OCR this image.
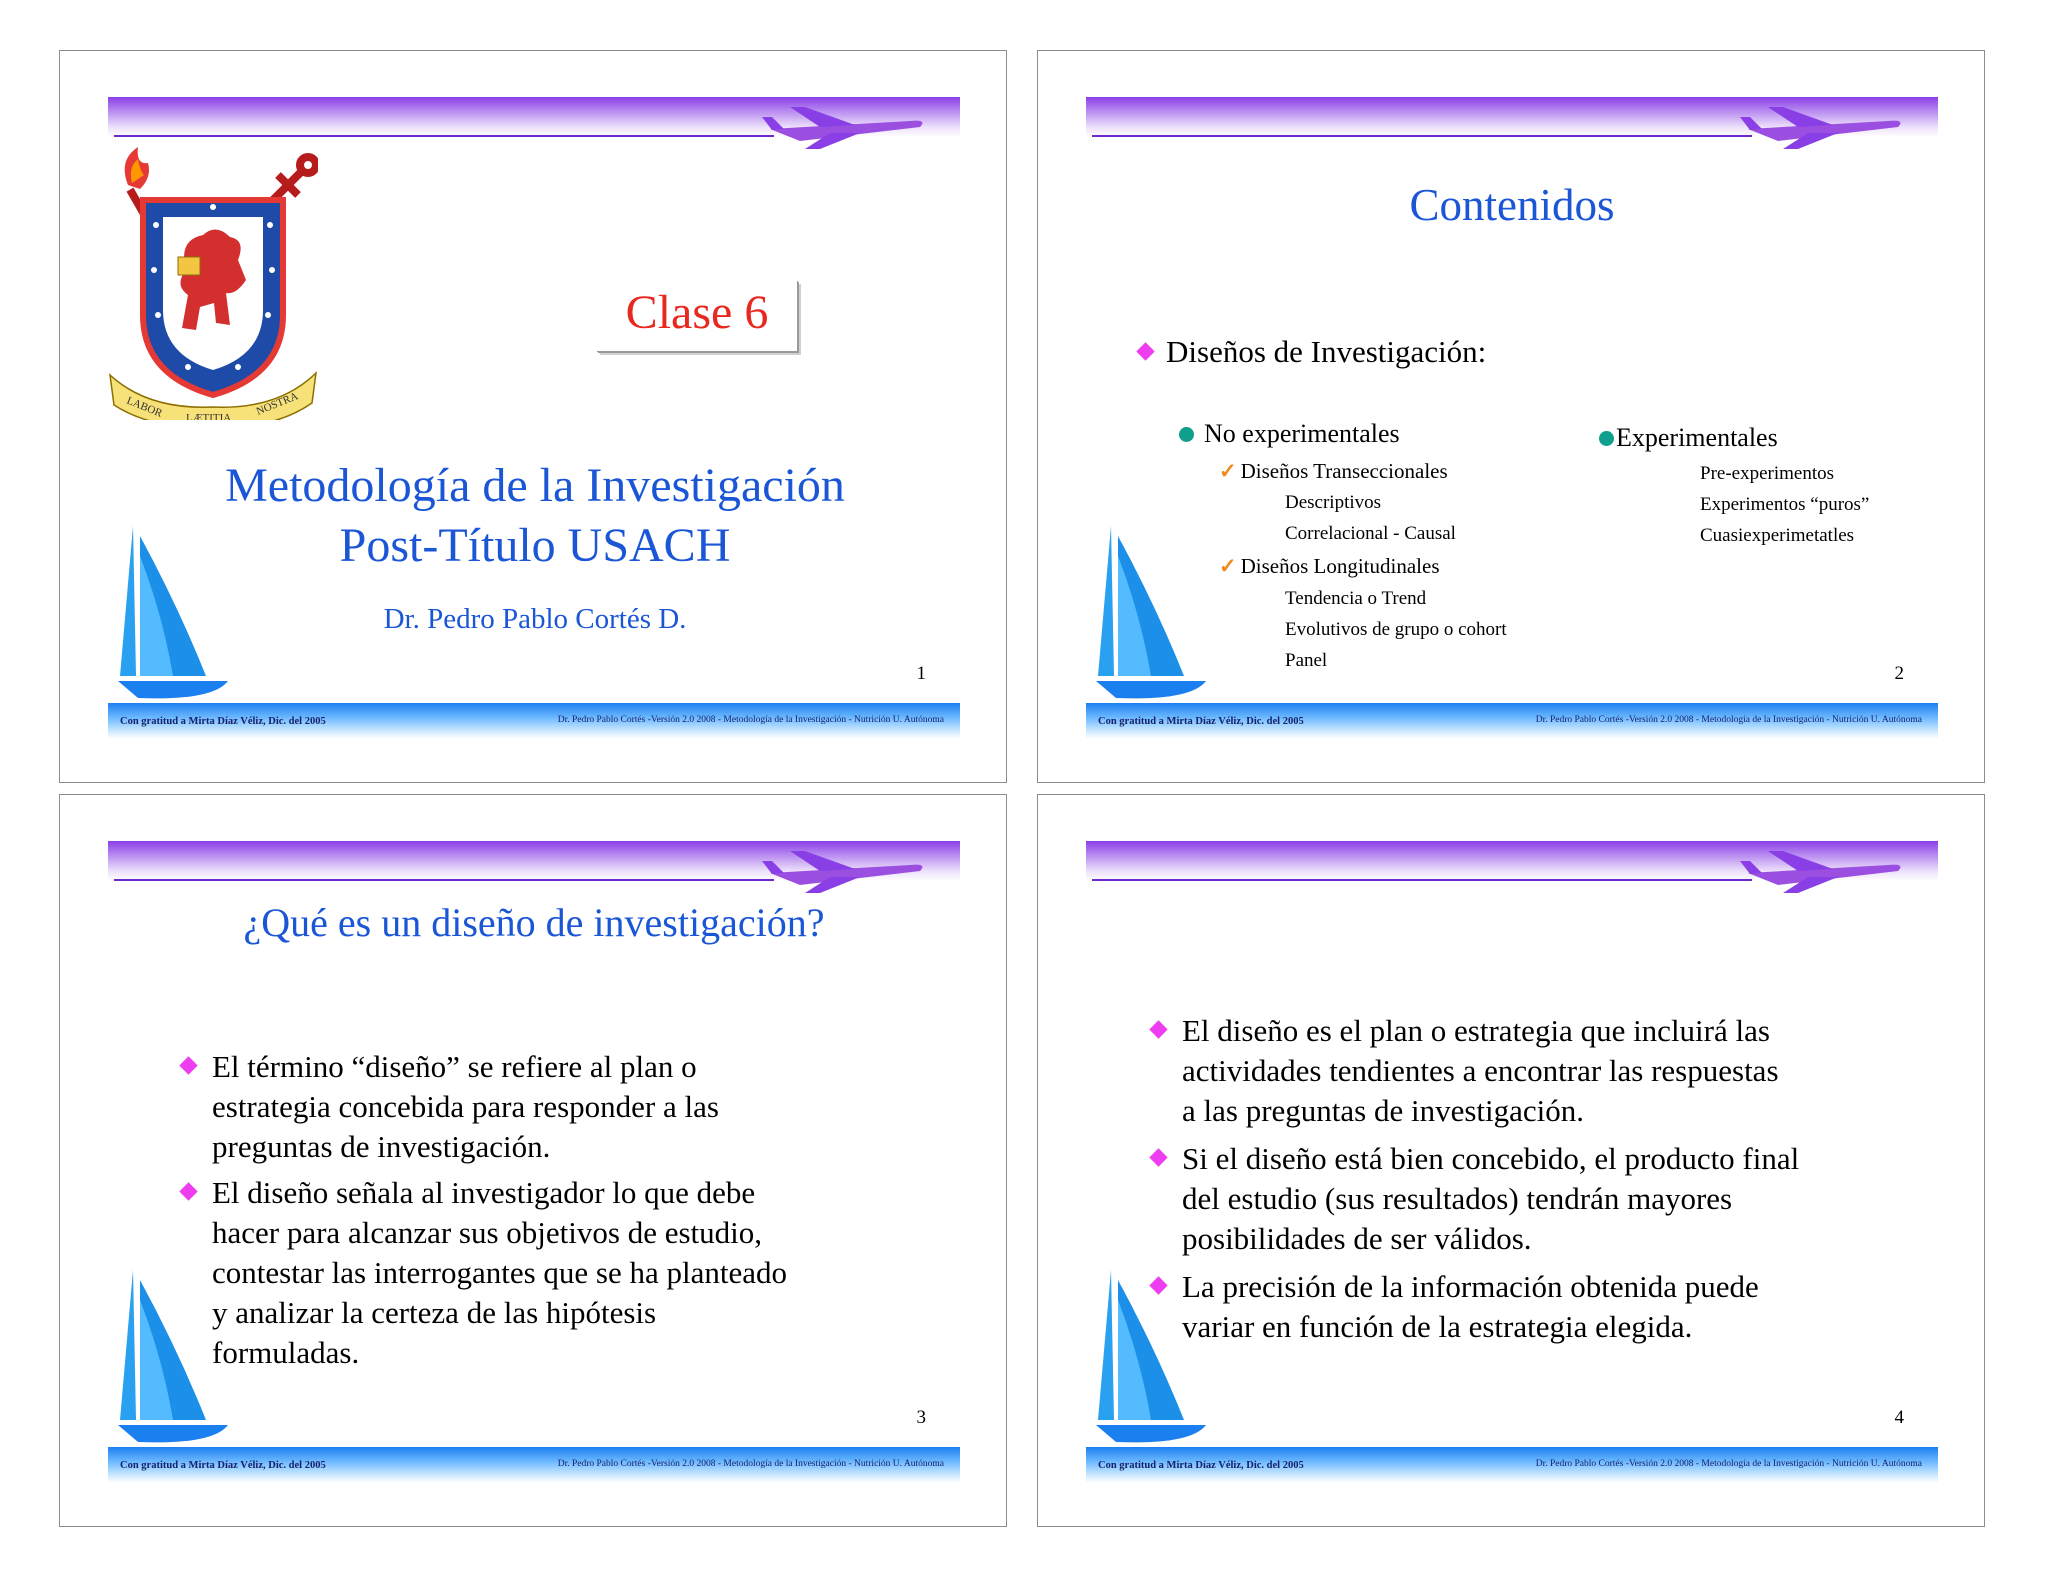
LABOR LÆTITIA
NOSTRA
Clase 6
Metodología de la Investigación
Post-Título USACH
Dr. Pedro Pablo Cortés D.
1
Con gratitud a Mirta Díaz Véliz, Dic. del 2005	Dr. Pedro Pablo Cortés -Versión 2.0 2008 - Metodología de la Investigación - Nutrición U. Autónoma
Contenidos
Diseños de Investigación:
No experimentales
✓ Diseños Transeccionales
Descriptivos
Correlacional - Causal
✓ Diseños Longitudinales
Tendencia o Trend
Evolutivos de grupo o cohort
Panel
Experimentales
Pre-experimentos
Experimentos “puros”
Cuasiexperimetatles
2
Con gratitud a Mirta Díaz Véliz, Dic. del 2005	Dr. Pedro Pablo Cortés -Versión 2.0 2008 - Metodología de la Investigación - Nutrición U. Autónoma
¿Qué es un diseño de investigación?
El término “diseño” se refiere al plan o
estrategia concebida para responder a las
preguntas de investigación.
El diseño señala al investigador lo que debe
hacer para alcanzar sus objetivos de estudio,
contestar las interrogantes que se ha planteado
y analizar la certeza de las hipótesis
formuladas.
3
Con gratitud a Mirta Díaz Véliz, Dic. del 2005	Dr. Pedro Pablo Cortés -Versión 2.0 2008 - Metodología de la Investigación - Nutrición U. Autónoma
El diseño es el plan o estrategia que incluirá las
actividades tendientes a encontrar las respuestas
a las preguntas de investigación.
Si el diseño está bien concebido, el producto final
del estudio (sus resultados) tendrán mayores
posibilidades de ser válidos.
La precisión de la información obtenida puede
variar en función de la estrategia elegida.
4
Con gratitud a Mirta Díaz Véliz, Dic. del 2005	Dr. Pedro Pablo Cortés -Versión 2.0 2008 - Metodología de la Investigación - Nutrición U. Autónoma
